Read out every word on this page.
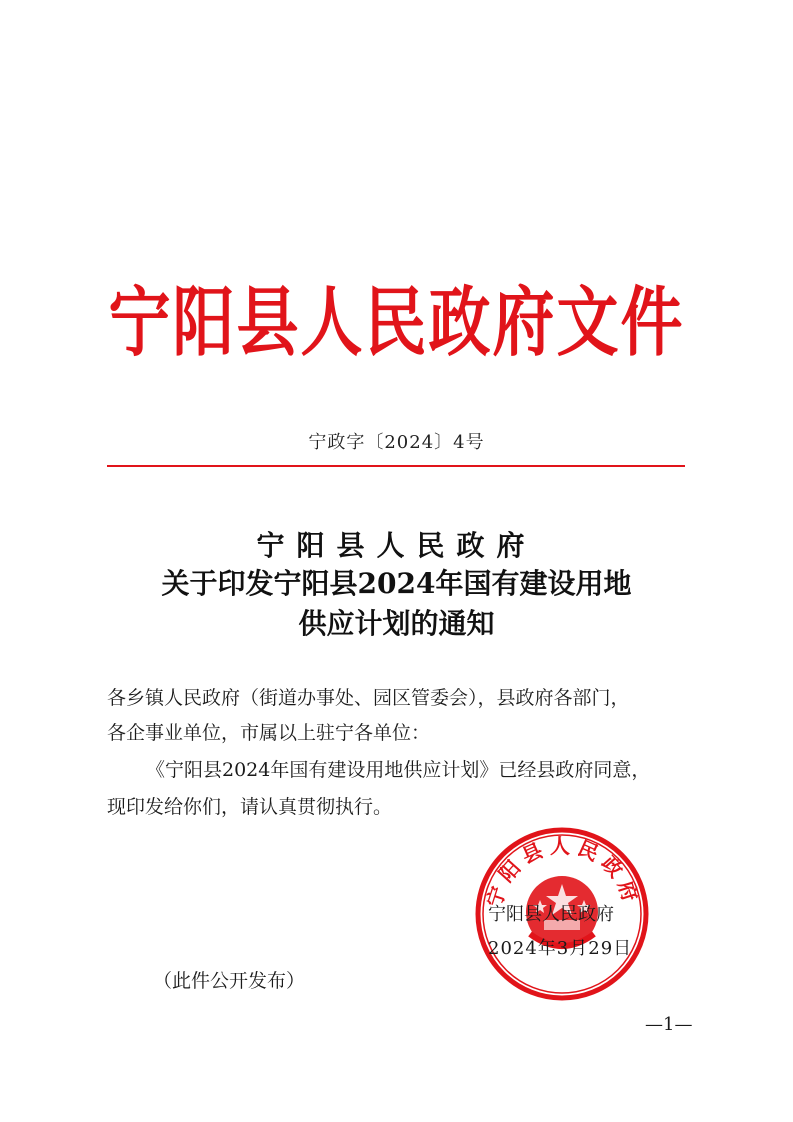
宁阳县人民政府文件
宁政字〔2024〕4号
宁阳县人民政府
关于印发宁阳县2024年国有建设用地
供应计划的通知
各乡镇人民政府（街道办事处、园区管委会），县政府各部门，
各企事业单位，市属以上驻宁各单位：
《宁阳县2024年国有建设用地供应计划》已经县政府同意，
现印发给你们，请认真贯彻执行。
宁阳县人民政府
宁阳县人民政府
2024年3月29日
（此件公开发布）
—1—
